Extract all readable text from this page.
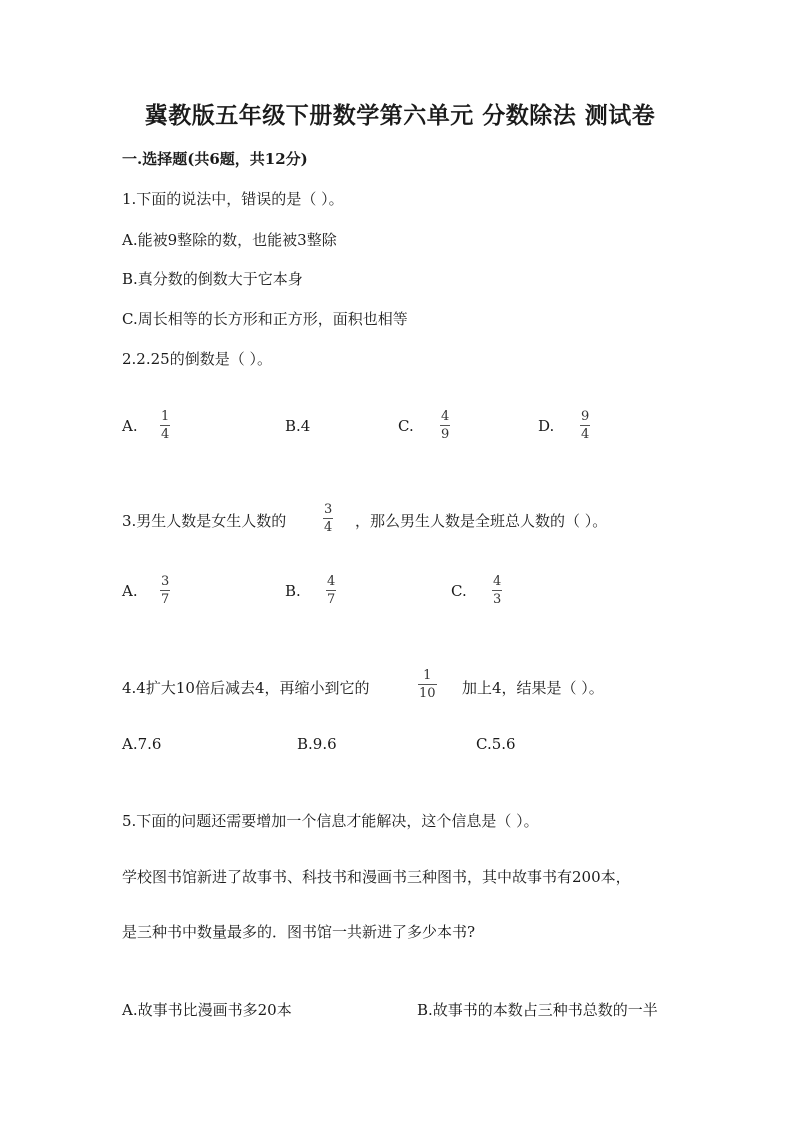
冀教版五年级下册数学第六单元 分数除法 测试卷
一.选择题(共6题，共12分)
1.下面的说法中，错误的是（ ）。
A.能被9整除的数，也能被3整除
B.真分数的倒数大于它本身
C.周长相等的长方形和正方形，面积也相等
2.2.25的倒数是（ ）。
A.
1
4	B.4	C.
4
9	D.
9
4
3.男生人数是女生人数的
3
4 ，那么男生人数是全班总人数的（ ）。
A.
3
7	B.
4
7	C.
4
3
4.4扩大10倍后减去4，再缩小到它的
1
10 加上4，结果是（ ）。
A.7.6	B.9.6	C.5.6
5.下面的问题还需要增加一个信息才能解决，这个信息是（ ）。
学校图书馆新进了故事书、科技书和漫画书三种图书，其中故事书有200本，
是三种书中数量最多的．图书馆一共新进了多少本书?
A.故事书比漫画书多20本	B.故事书的本数占三种书总数的一半
